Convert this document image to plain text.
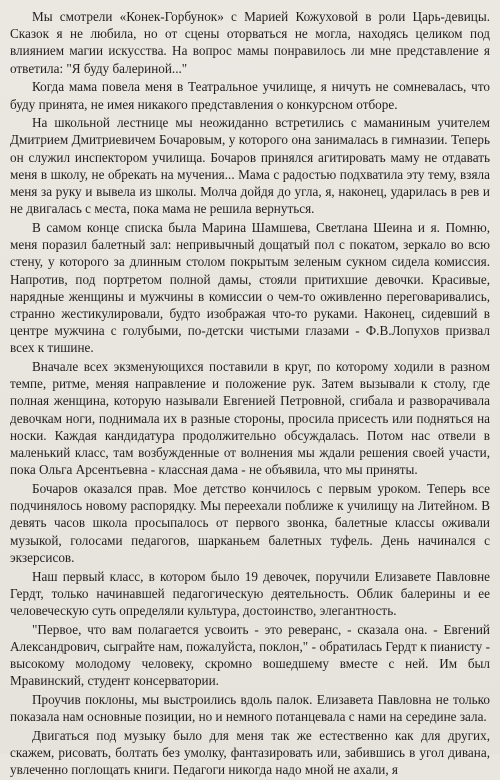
Мы смотрели «Конек-Горбунок» с Марией Кожуховой в роли Царь-девицы. Сказок я не любила, но от сцены оторваться не могла, находясь целиком под влиянием магии искусства. На вопрос мамы понравилось ли мне представление я ответила: "Я буду балериной..."

Когда мама повела меня в Театральное училище, я ничуть не сомневалась, что буду принята, не имея никакого представления о конкурсном отборе.

На школьной лестнице мы неожиданно встретились с маманиным учителем Дмитрием Дмитриевичем Бочаровым, у которого она занималась в гимназии. Теперь он служил инспектором училища. Бочаров принялся агитировать маму не отдавать меня в школу, не обрекать на мучения... Мама с радостью подхватила эту тему, взяла меня за руку и вывела из школы. Молча дойдя до угла, я, наконец, ударилась в рев и не двигалась с места, пока мама не решила вернуться.

В самом конце списка была Марина Шамшева, Светлана Шеина и я. Помню, меня поразил балетный зал: непривычный дощатый пол с покатом, зеркало во всю стену, у которого за длинным столом покрытым зеленым сукном сидела комиссия. Напротив, под портретом полной дамы, стояли притихшие девочки. Красивые, нарядные женщины и мужчины в комиссии о чем-то оживленно переговаривались, странно жестикулировали, будто изображая что-то руками. Наконец, сидевший в центре мужчина с голубыми, по-детски чистыми глазами - Ф.В.Лопухов призвал всех к тишине.

Вначале всех экзменующихся поставили в круг, по которому ходили в разном темпе, ритме, меняя направление и положение рук. Затем вызывали к столу, где полная женщина, которую называли Евгенией Петровной, сгибала и разворачивала девочкам ноги, поднимала их в разные стороны, просила присесть или подняться на носки. Каждая кандидатура продолжительно обсуждалась. Потом нас отвели в маленький класс, там возбужденные от волнения мы ждали решения своей участи, пока Ольга Арсентьевна - классная дама - не объявила, что мы приняты.

Бочаров оказался прав. Мое детство кончилось с первым уроком. Теперь все подчинялось новому распорядку. Мы переехали поближе к училищу на Литейном. В девять часов школа просыпалось от первого звонка, балетные классы оживали музыкой, голосами педагогов, шарканьем балетных туфель. День начинался с экзерсисов.

Наш первый класс, в котором было 19 девочек, поручили Елизавете Павловне Гердт, только начинавшей педагогическую деятельность. Облик балерины и ее человеческую суть определяли культура, достоинство, элегантность.

"Первое, что вам полагается усвоить - это реверанс, - сказала она. - Евгений Александрович, сыграйте нам, пожалуйста, поклон," - обратилась Гердт к пианисту - высокому молодому человеку, скромно вошедшему вместе с ней. Им был Мравинский, студент консерватории.

Проучив поклоны, мы выстроились вдоль палок. Елизавета Павловна не только показала нам основные позиции, но и немного потанцевала с нами на середине зала.

Двигаться под музыку было для меня так же естественно как для других, скажем, рисовать, болтать без умолку, фантазировать или, забившись в угол дивана, увлеченно поглощать книги. Педагоги никогда надо мной не ахали, я
